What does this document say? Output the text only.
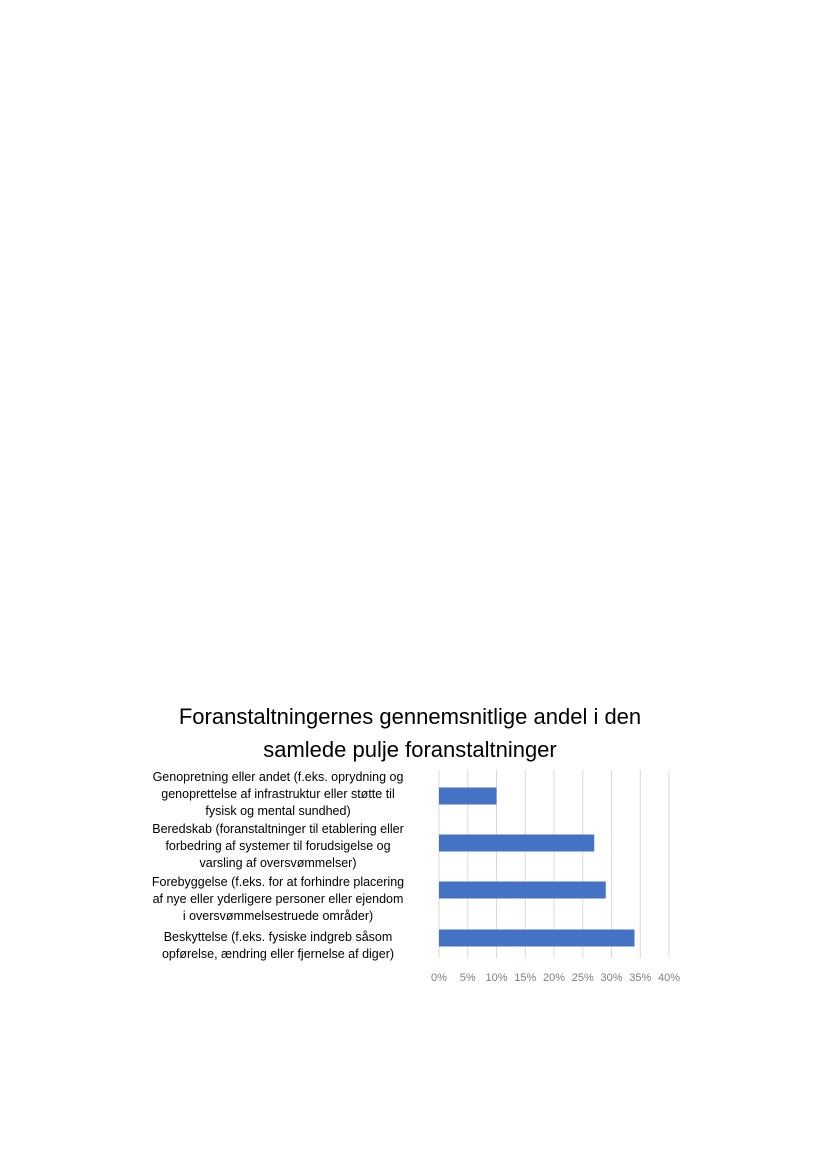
Foranstaltningernes gennemsnitlige andel i den
samlede pulje foranstaltninger
Genopretning eller andet (f.eks. oprydning og
genoprettelse af infrastruktur eller støtte til
fysisk og mental sundhed)
Beredskab (foranstaltninger til etablering eller
forbedring af systemer til forudsigelse og
varsling af oversvømmelser)
Forebyggelse (f.eks. for at forhindre placering
af nye eller yderligere personer eller ejendom
i oversvømmelsestruede områder)
Beskyttelse (f.eks. fysiske indgreb såsom
opførelse, ændring eller fjernelse af diger)
0% 5% 10% 15% 20% 25% 30% 35% 40%
